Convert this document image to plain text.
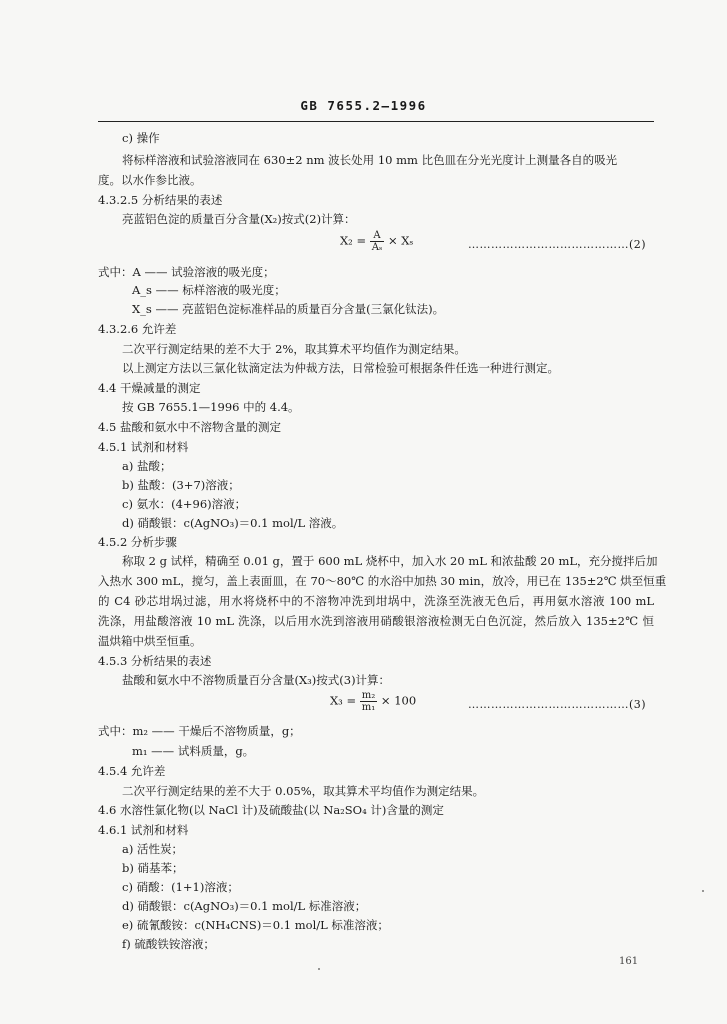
GB 7655.2—1996
c) 操作
将标样溶液和试验溶液同在 630±2 nm 波长处用 10 mm 比色皿在分光光度计上测量各自的吸光
度。以水作参比液。
4.3.2.5 分析结果的表述
亮蓝铝色淀的质量百分含量(X₂)按式(2)计算：
$X_2 = \frac{A}{\text{Aₛ}} \times X_s$	……………………………………(2)
式中：A —— 试验溶液的吸光度；
A_s —— 标样溶液的吸光度；
X_s —— 亮蓝铝色淀标准样品的质量百分含量(三氯化钛法)。
4.3.2.6 允许差
二次平行测定结果的差不大于 2%，取其算术平均值作为测定结果。
以上测定方法以三氯化钛滴定法为仲裁方法，日常检验可根据条件任选一种进行测定。
4.4 干燥减量的测定
按 GB 7655.1—1996 中的 4.4。
4.5 盐酸和氨水中不溶物含量的测定
4.5.1 试剂和材料
a) 盐酸；
b) 盐酸：(3+7)溶液；
c) 氨水：(4+96)溶液；
d) 硝酸银：c(AgNO₃)＝0.1 mol/L 溶液。
4.5.2 分析步骤
称取 2 g 试样，精确至 0.01 g，置于 600 mL 烧杯中，加入水 20 mL 和浓盐酸 20 mL，充分搅拌后加
入热水 300 mL，搅匀，盖上表面皿，在 70～80℃ 的水浴中加热 30 min，放冷，用已在 135±2℃ 烘至恒重
的 C4 砂芯坩埚过滤，用水将烧杯中的不溶物冲洗到坩埚中，洗涤至洗液无色后，再用氨水溶液 100 mL
洗涤，用盐酸溶液 10 mL 洗涤，以后用水洗到溶液用硝酸银溶液检测无白色沉淀，然后放入 135±2℃ 恒
温烘箱中烘至恒重。
4.5.3 分析结果的表述
盐酸和氨水中不溶物质量百分含量(X₃)按式(3)计算：
$X_3 = \frac{\text{m₂}}{\text{m₁}} \times 100$	……………………………………(3)
式中：m₂ —— 干燥后不溶物质量，g；
m₁ —— 试料质量，g。
4.5.4 允许差
二次平行测定结果的差不大于 0.05%，取其算术平均值作为测定结果。
4.6 水溶性氯化物(以 NaCl 计)及硫酸盐(以 Na₂SO₄ 计)含量的测定
4.6.1 试剂和材料
a) 活性炭；
b) 硝基苯；
c) 硝酸：(1+1)溶液；
d) 硝酸银：c(AgNO₃)＝0.1 mol/L 标准溶液；
e) 硫氰酸铵：c(NH₄CNS)＝0.1 mol/L 标准溶液；
f) 硫酸铁铵溶液；
161
